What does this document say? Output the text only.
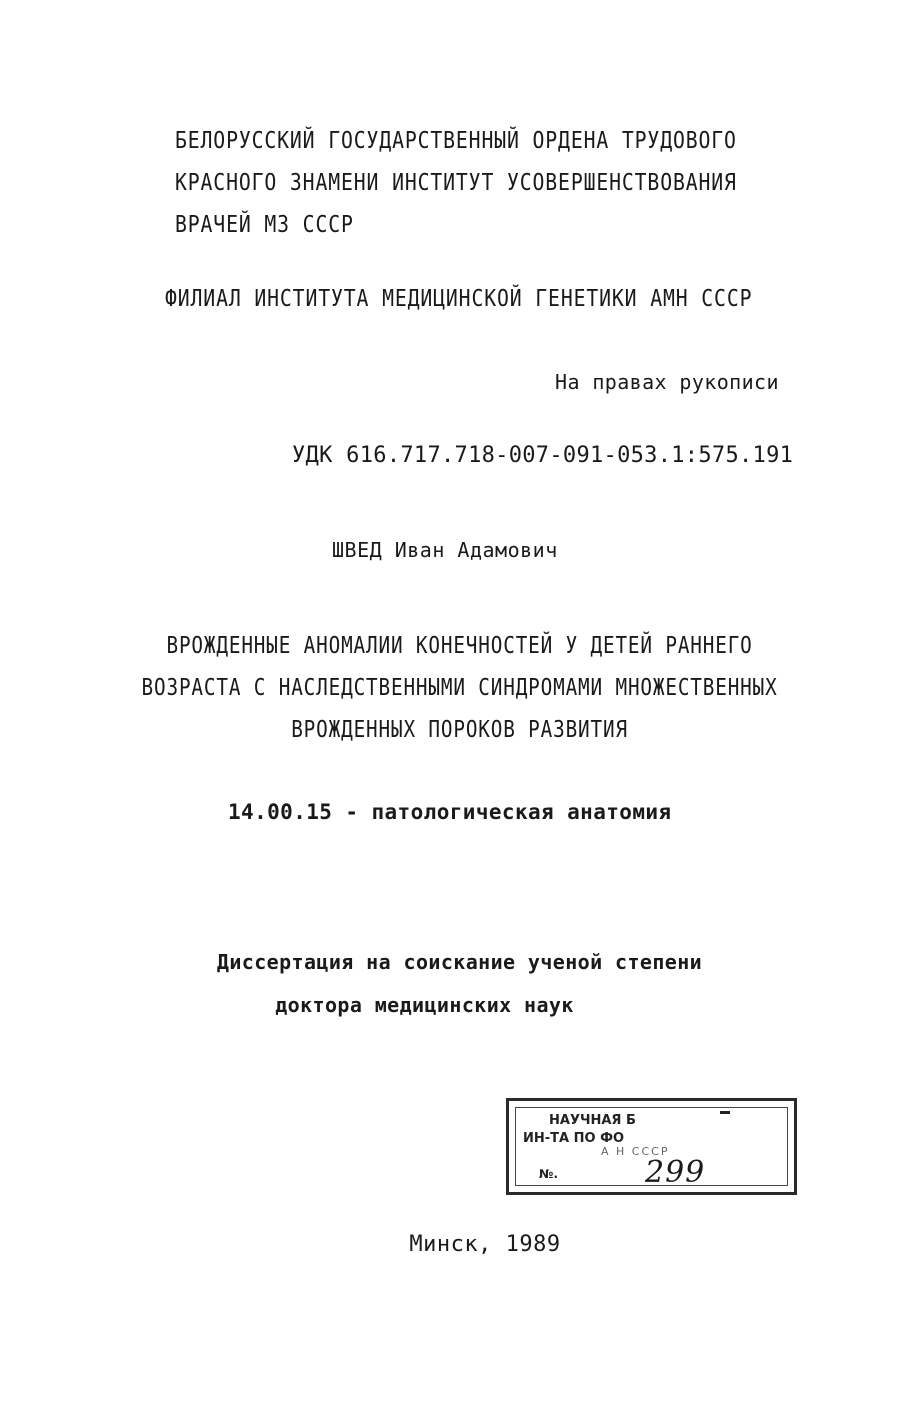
БЕЛОРУССКИЙ ГОСУДАРСТВЕННЫЙ ОРДЕНА ТРУДОВОГО
КРАСНОГО ЗНАМЕНИ ИНСТИТУТ УСОВЕРШЕНСТВОВАНИЯ
ВРАЧЕЙ МЗ СССР
ФИЛИАЛ ИНСТИТУТА МЕДИЦИНСКОЙ ГЕНЕТИКИ АМН СССР
На правах рукописи
УДК 616.717.718-007-091-053.1:575.191
ШВЕД Иван Адамович
ВРОЖДЕННЫЕ АНОМАЛИИ КОНЕЧНОСТЕЙ У ДЕТЕЙ РАННЕГО
ВОЗРАСТА С НАСЛЕДСТВЕННЫМИ СИНДРОМАМИ МНОЖЕСТВЕННЫХ
ВРОЖДЕННЫХ ПОРОКОВ РАЗВИТИЯ
14.00.15 - патологическая анатомия
Диссертация на соискание ученой степени
доктора медицинских наук
НАУЧНАЯ Б
ИН-ТА ПО ФО
А Н СССР
№.	299
Минск, 1989
